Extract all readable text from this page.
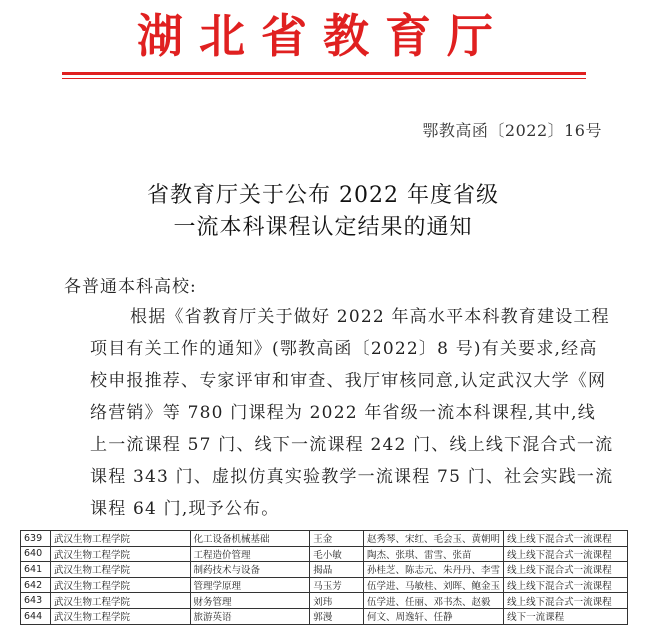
湖北省教育厅
鄂教高函〔2022〕16号
省教育厅关于公布 2022 年度省级
一流本科课程认定结果的通知
各普通本科高校:
根据《省教育厅关于做好 2022 年高水平本科教育建设工程
项目有关工作的通知》(鄂教高函〔2022〕8 号)有关要求,经高
校申报推荐、专家评审和审查、我厅审核同意,认定武汉大学《网
络营销》等 780 门课程为 2022 年省级一流本科课程,其中,线
上一流课程 57 门、线下一流课程 242 门、线上线下混合式一流
课程 343 门、虚拟仿真实验教学一流课程 75 门、社会实践一流
课程 64 门,现予公布。
639	武汉生物工程学院	化工设备机械基础	王金	赵秀琴、宋红、毛会玉、黄朝明	线上线下混合式一流课程
640	武汉生物工程学院	工程造价管理	毛小敏	陶杰、张琪、雷雪、张苗	线上线下混合式一流课程
641	武汉生物工程学院	制药技术与设备	揭晶	孙桂芝、陈志元、朱丹丹、李雪	线上线下混合式一流课程
642	武汉生物工程学院	管理学原理	马玉芳	伍学进、马敏桂、刘晖、鲍金玉	线上线下混合式一流课程
643	武汉生物工程学院	财务管理	刘玮	伍学进、任丽、邓书杰、赵毅	线上线下混合式一流课程
644	武汉生物工程学院	旅游英语	郭漫	何文、周逸轩、任静	线下一流课程
